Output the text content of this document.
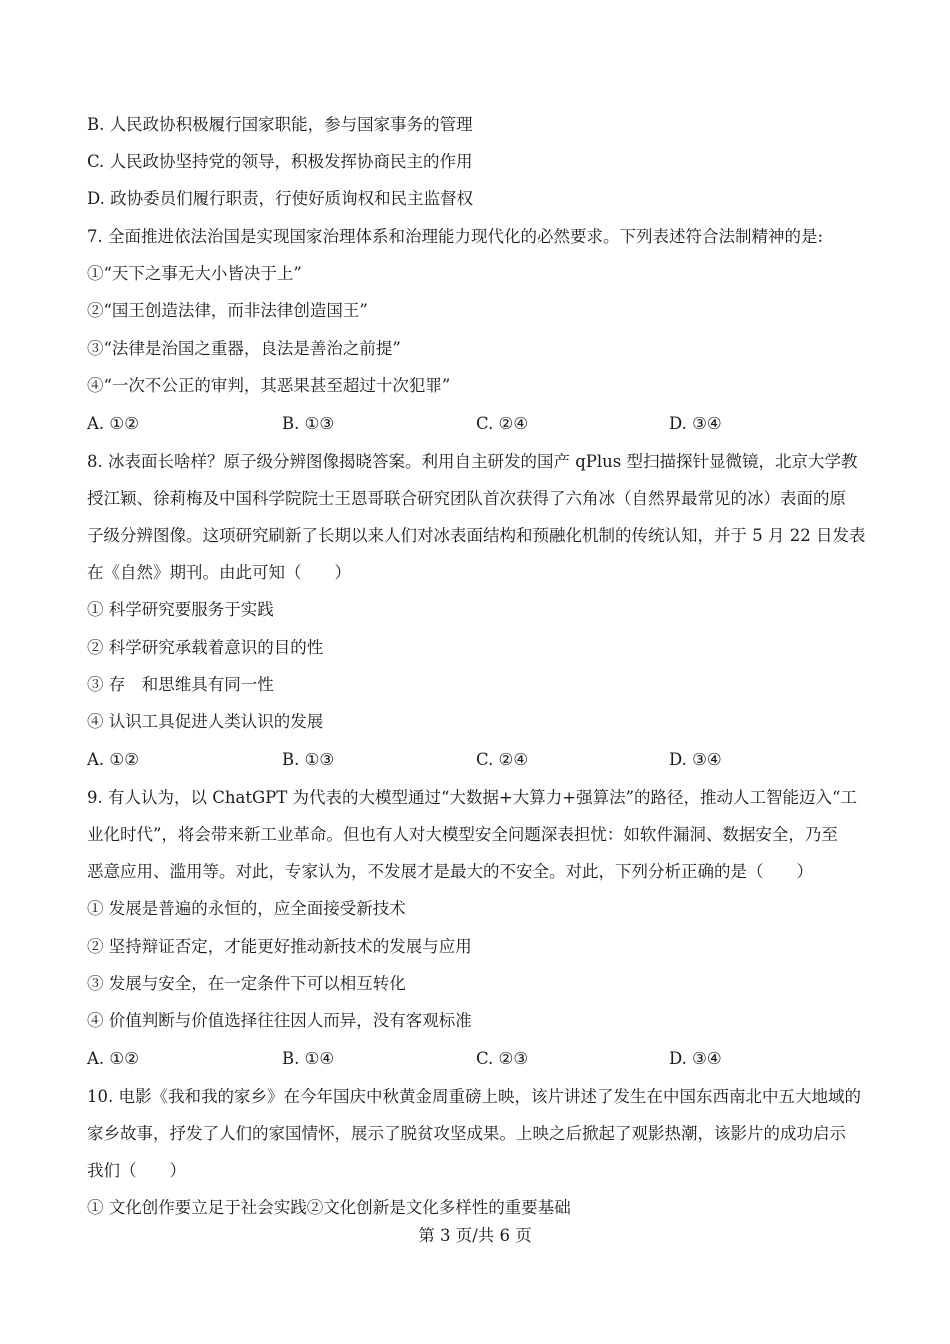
B. 人民政协积极履行国家职能，参与国家事务的管理
C. 人民政协坚持党的领导，积极发挥协商民主的作用
D. 政协委员们履行职责，行使好质询权和民主监督权
7. 全面推进依法治国是实现国家治理体系和治理能力现代化的必然要求。下列表述符合法制精神的是:
①“天下之事无大小皆决于上”
②“国王创造法律，而非法律创造国王”
③“法律是治国之重器，良法是善治之前提”
④“一次不公正的审判，其恶果甚至超过十次犯罪”
A. ①②	B. ①③	C. ②④	D. ③④
8. 冰表面长啥样？原子级分辨图像揭晓答案。利用自主研发的国产 qPlus 型扫描探针显微镜，北京大学教
授江颖、徐莉梅及中国科学院院士王恩哥联合研究团队首次获得了六角冰（自然界最常见的冰）表面的原
子级分辨图像。这项研究刷新了长期以来人们对冰表面结构和预融化机制的传统认知，并于 5 月 22 日发表
在《自然》期刊。由此可知（　　）
① 科学研究要服务于实践
② 科学研究承载着意识的目的性
③ 存　和思维具有同一性
④ 认识工具促进人类认识的发展
A. ①②	B. ①③	C. ②④	D. ③④
9. 有人认为，以 ChatGPT 为代表的大模型通过“大数据+大算力+强算法”的路径，推动人工智能迈入“工
业化时代”，将会带来新工业革命。但也有人对大模型安全问题深表担忧：如软件漏洞、数据安全，乃至
恶意应用、滥用等。对此，专家认为，不发展才是最大的不安全。对此，下列分析正确的是（　　）
① 发展是普遍的永恒的，应全面接受新技术
② 坚持辩证否定，才能更好推动新技术的发展与应用
③ 发展与安全，在一定条件下可以相互转化
④ 价值判断与价值选择往往因人而异，没有客观标准
A. ①②	B. ①④	C. ②③	D. ③④
10. 电影《我和我的家乡》在今年国庆中秋黄金周重磅上映，该片讲述了发生在中国东西南北中五大地域的
家乡故事，抒发了人们的家国情怀，展示了脱贫攻坚成果。上映之后掀起了观影热潮，该影片的成功启示
我们（　　）
① 文化创作要立足于社会实践②文化创新是文化多样性的重要基础
第 3 页/共 6 页
